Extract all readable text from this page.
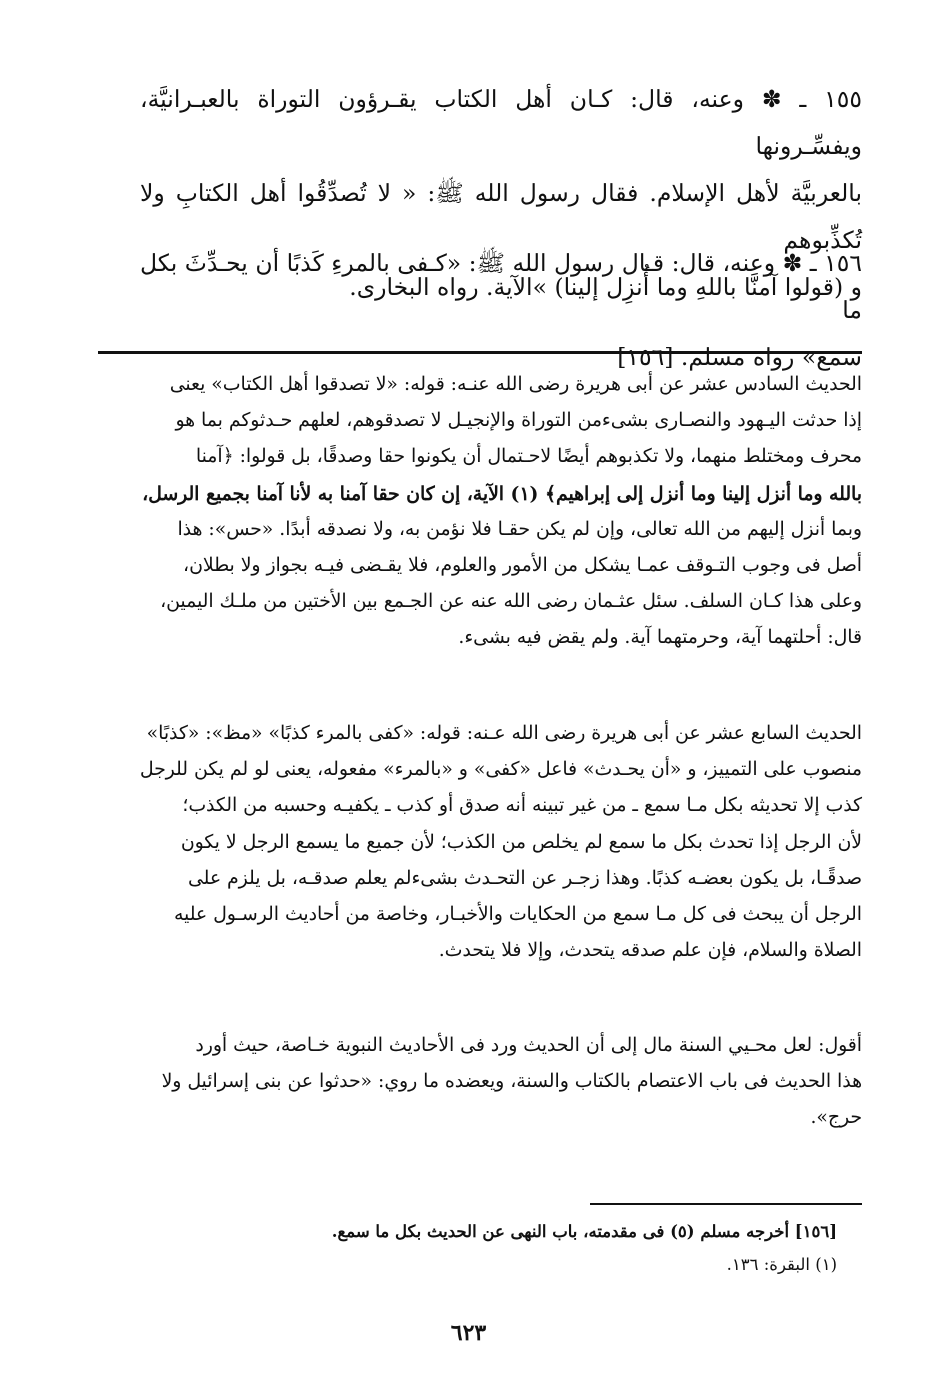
١٥٥ ـ ✽ وعنه، قال: كـان أهل الكتاب يقـرؤون التوراة بالعبـرانيَّة، ويفسِّـرونها

بالعربيَّة لأهل الإسلام. فقال رسول الله ﷺ: « لا تُصدِّقُوا أهل الكتابِ ولا تُكذِّبوهم

و (قولوا آمنَّا باللهِ وما أُنزِل إلينا) »الآية. رواه البخارى.

١٥٦ ـ ✽ وعنه، قال: قـال رسول الله ﷺ: «كـفى بالمرءِ كَذبًا أن يحـدِّثَ بكل ما

سمع» رواه مسلم. [١٥٦]

الحديث السادس عشر عن أبى هريرة رضى الله عنـه: قوله: «لا تصدقوا أهل الكتاب» يعنى

إذا حدثت اليـهود والنصـارى بشىءمن التوراة والإنجيـل لا تصدقوهم، لعلهم حـدثوكم بما هو

محرف ومختلط منهما، ولا تكذبوهم أيضًا لاحـتمال أن يكونوا حقا وصدقًا، بل قولوا: ﴿آمنا

بالله وما أنزل إلينا وما أنزل إلى إبراهيم﴾ (١) الآية، إن كان حقا آمنا به لأنا آمنا بجميع الرسل،

وبما أنزل إليهم من الله تعالى، وإن لم يكن حقـا فلا نؤمن به، ولا نصدقه أبدًا. «حس»: هذا

أصل فى وجوب التـوقف عمـا يشكل من الأمور والعلوم، فلا يقـضى فيـه بجواز ولا بطلان،

وعلى هذا كـان السلف. سئل عثـمان رضى الله عنه عن الجـمع بين الأختين من ملـك اليمين،

قال: أحلتهما آية، وحرمتهما آية. ولم يقض فيه بشىء.

الحديث السابع عشر عن أبى هريرة رضى الله عـنه: قوله: «كفى بالمرء كذبًا» «مظ»: «كذبًا»

منصوب على التمييز، و «أن يحـدث» فاعل «كفى» و «بالمرء» مفعوله، يعنى لو لم يكن للرجل

كذب إلا تحديثه بكل مـا سمع ـ من غير تبينه أنه صدق أو كذب ـ يكفيـه وحسبه من الكذب؛

لأن الرجل إذا تحدث بكل ما سمع لم يخلص من الكذب؛ لأن جميع ما يسمع الرجل لا يكون

صدقًـا، بل يكون بعضـه كذبًا. وهذا زجـر عن التحـدث بشىءلم يعلم صدقـه، بل يلزم على

الرجل أن يبحث فى كل مـا سمع من الحكايات والأخبـار، وخاصة من أحاديث الرسـول عليه

الصلاة والسلام، فإن علم صدقه يتحدث، وإلا فلا يتحدث.

أقول: لعل محـيي السنة مال إلى أن الحديث ورد فى الأحاديث النبوية خـاصة، حيث أورد

هذا الحديث فى باب الاعتصام بالكتاب والسنة، ويعضده ما روي: «حدثوا عن بنى إسرائيل ولا

حرج».

[١٥٦] أخرجه مسلم (٥) فى مقدمته، باب النهى عن الحديث بكل ما سمع.
(١) البقرة: ١٣٦.
٦٢٣
